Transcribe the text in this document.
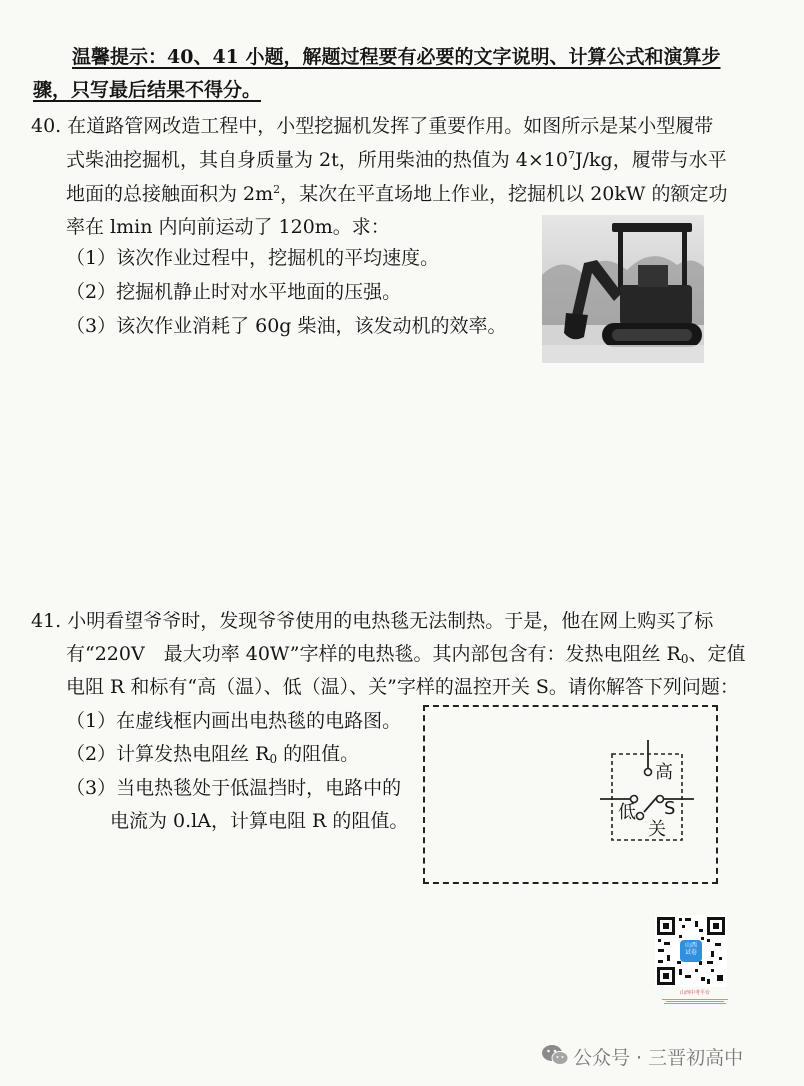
温馨提示：40、41 小题，解题过程要有必要的文字说明、计算公式和演算步
骤，只写最后结果不得分。
40. 在道路管网改造工程中，小型挖掘机发挥了重要作用。如图所示是某小型履带
式柴油挖掘机，其自身质量为 2t，所用柴油的热值为 $4\times 10^7J/kg$，履带与水平
地面的总接触面积为 $2m^2$，某次在平直场地上作业，挖掘机以 20kW 的额定功
率在 lmin 内向前运动了 120m。求：
（1）该次作业过程中，挖掘机的平均速度。
（2）挖掘机静止时对水平地面的压强。
（3）该次作业消耗了 60g 柴油，该发动机的效率。
41. 小明看望爷爷时，发现爷爷使用的电热毯无法制热。于是，他在网上购买了标
有“220V　最大功率 40W”字样的电热毯。其内部包含有：发热电阻丝 $R_0$、定值
电阻 R 和标有“高（温）、低（温）、关”字样的温控开关 S。请你解答下列问题：
（1）在虚线框内画出电热毯的电路图。
（2）计算发热电阻丝 $R_0$ 的阻值。
（3）当电热毯处于低温挡时，电路中的
电流为 0.lA，计算电阻 R 的阻值。
高
低
关
S
山西
试卷
山西中考平台
公众号 · 三晋初高中
